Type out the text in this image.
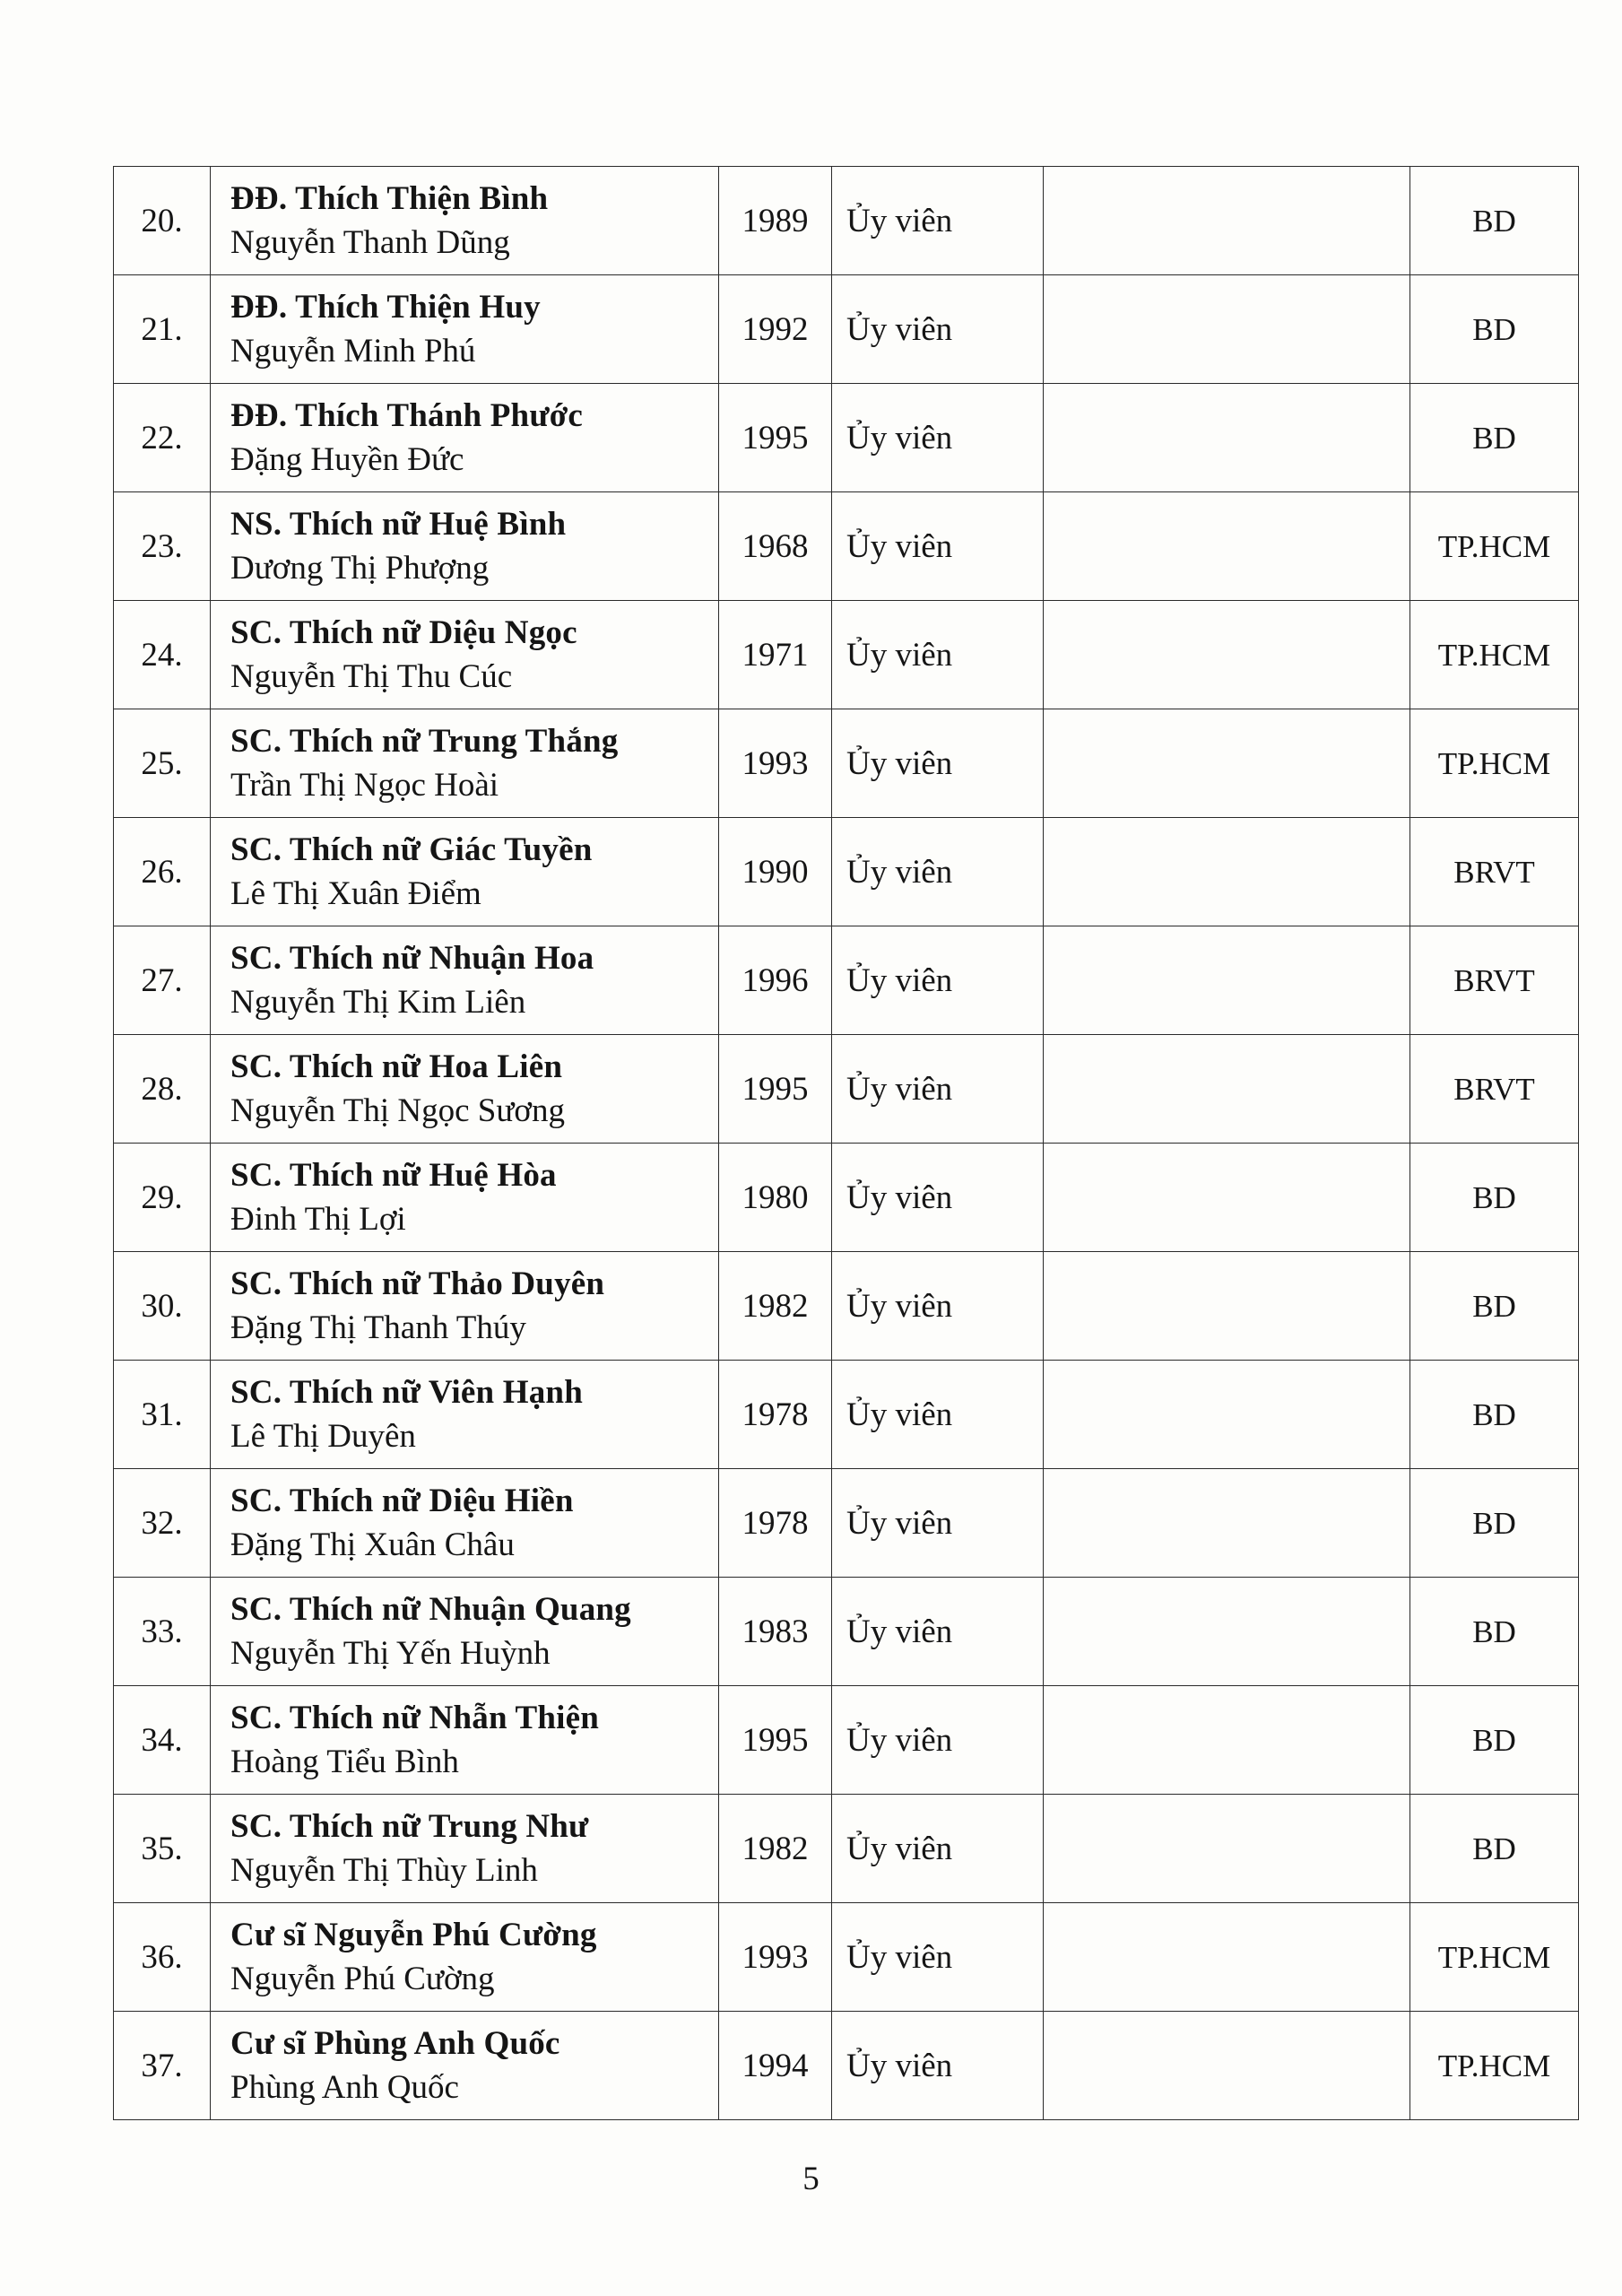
20.	ĐĐ. Thích Thiện Bình
Nguyễn Thanh Dũng	1989	Ủy viên		BD
21.	ĐĐ. Thích Thiện Huy
Nguyễn Minh Phú	1992	Ủy viên		BD
22.	ĐĐ. Thích Thánh Phước
Đặng Huyền Đức	1995	Ủy viên		BD
23.	NS. Thích nữ Huệ Bình
Dương Thị Phượng	1968	Ủy viên		TP.HCM
24.	SC. Thích nữ Diệu Ngọc
Nguyễn Thị Thu Cúc	1971	Ủy viên		TP.HCM
25.	SC. Thích nữ Trung Thắng
Trần Thị Ngọc Hoài	1993	Ủy viên		TP.HCM
26.	SC. Thích nữ Giác Tuyền
Lê Thị Xuân Điểm	1990	Ủy viên		BRVT
27.	SC. Thích nữ Nhuận Hoa
Nguyễn Thị Kim Liên	1996	Ủy viên		BRVT
28.	SC. Thích nữ Hoa Liên
Nguyễn Thị Ngọc Sương	1995	Ủy viên		BRVT
29.	SC. Thích nữ Huệ Hòa
Đinh Thị Lợi	1980	Ủy viên		BD
30.	SC. Thích nữ Thảo Duyên
Đặng Thị Thanh Thúy	1982	Ủy viên		BD
31.	SC. Thích nữ Viên Hạnh
Lê Thị Duyên	1978	Ủy viên		BD
32.	SC. Thích nữ Diệu Hiền
Đặng Thị Xuân Châu	1978	Ủy viên		BD
33.	SC. Thích nữ Nhuận Quang
Nguyễn Thị Yến Huỳnh	1983	Ủy viên		BD
34.	SC. Thích nữ Nhẫn Thiện
Hoàng Tiểu Bình	1995	Ủy viên		BD
35.	SC. Thích nữ Trung Như
Nguyễn Thị Thùy Linh	1982	Ủy viên		BD
36.	Cư sĩ Nguyễn Phú Cường
Nguyễn Phú Cường	1993	Ủy viên		TP.HCM
37.	Cư sĩ Phùng Anh Quốc
Phùng Anh Quốc	1994	Ủy viên		TP.HCM
5
